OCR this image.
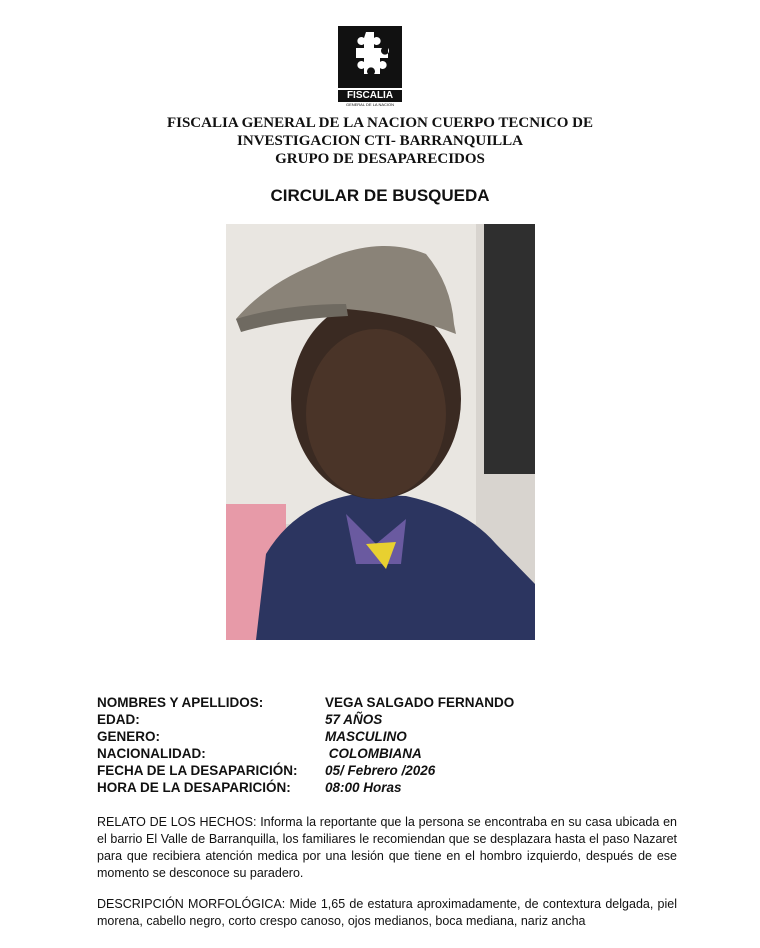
FISCALIA
GENERAL DE LA NACION
FISCALIA GENERAL DE LA NACION CUERPO TECNICO DE
INVESTIGACION CTI- BARRANQUILLA
GRUPO DE DESAPARECIDOS
CIRCULAR DE BUSQUEDA
NOMBRES Y APELLIDOS:	VEGA SALGADO FERNANDO
EDAD:	57 AÑOS
GENERO:	MASCULINO
NACIONALIDAD:	COLOMBIANA
FECHA DE LA DESAPARICIÓN:	05/ Febrero /2026
HORA DE LA DESAPARICIÓN:	08:00 Horas
RELATO DE LOS HECHOS: Informa la reportante que la persona se encontraba en su casa ubicada en el barrio El Valle de Barranquilla, los familiares le recomiendan que se desplazara hasta el paso Nazaret para que recibiera atención medica por una lesión que tiene en el hombro izquierdo, después de ese momento se desconoce su paradero.
DESCRIPCIÓN MORFOLÓGICA: Mide 1,65 de estatura aproximadamente, de contextura delgada, piel morena, cabello negro, corto crespo canoso, ojos medianos, boca mediana, nariz ancha
